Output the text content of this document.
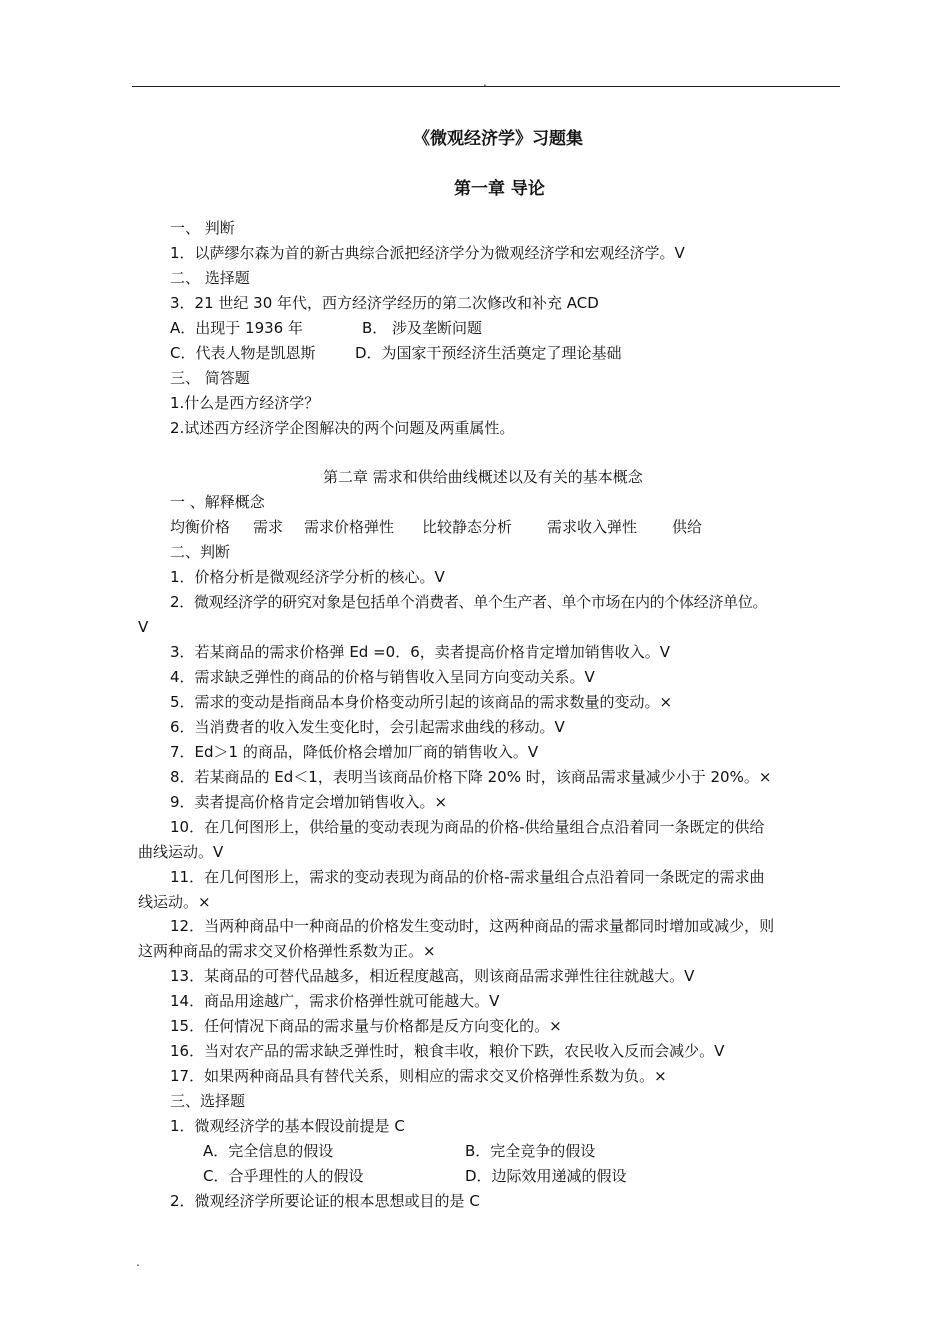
.
《微观经济学》习题集
第一章 导论
一、 判断
1．以萨缪尔森为首的新古典综合派把经济学分为微观经济学和宏观经济学。V
二、 选择题
3．21 世纪 30 年代，西方经济学经历的第二次修改和补充 ACD
A．出现于 1936 年	B． 涉及垄断问题
C．代表人物是凯恩斯	D．为国家干预经济生活奠定了理论基础
三、 简答题
1.什么是西方经济学？
2.试述西方经济学企图解决的两个问题及两重属性。
第二章 需求和供给曲线概述以及有关的基本概念
一 、解释概念
均衡价格 需求 需求价格弹性 比较静态分析 需求收入弹性 供给
二、判断
1．价格分析是微观经济学分析的核心。V
2．微观经济学的研究对象是包括单个消费者、单个生产者、单个市场在内的个体经济单位。
V
3．若某商品的需求价格弹 Ed =0．6，卖者提高价格肯定增加销售收入。V
4．需求缺乏弹性的商品的价格与销售收入呈同方向变动关系。V
5．需求的变动是指商品本身价格变动所引起的该商品的需求数量的变动。×
6．当消费者的收入发生变化时，会引起需求曲线的移动。V
7．Ed＞1 的商品，降低价格会增加厂商的销售收入。V
8．若某商品的 Ed＜1，表明当该商品价格下降 20% 时，该商品需求量减少小于 20%。×
9．卖者提高价格肯定会增加销售收入。×
10．在几何图形上，供给量的变动表现为商品的价格-供给量组合点沿着同一条既定的供给
曲线运动。V
11．在几何图形上，需求的变动表现为商品的价格-需求量组合点沿着同一条既定的需求曲
线运动。×
12．当两种商品中一种商品的价格发生变动时，这两种商品的需求量都同时增加或减少，则
这两种商品的需求交叉价格弹性系数为正。×
13．某商品的可替代品越多，相近程度越高，则该商品需求弹性往往就越大。V
14．商品用途越广，需求价格弹性就可能越大。V
15．任何情况下商品的需求量与价格都是反方向变化的。×
16．当对农产品的需求缺乏弹性时，粮食丰收，粮价下跌，农民收入反而会减少。V
17．如果两种商品具有替代关系，则相应的需求交叉价格弹性系数为负。×
三、选择题
1．微观经济学的基本假设前提是 C
A．完全信息的假设	B．完全竞争的假设
C．合乎理性的人的假设	D．边际效用递减的假设
2．微观经济学所要论证的根本思想或目的是 C
.
